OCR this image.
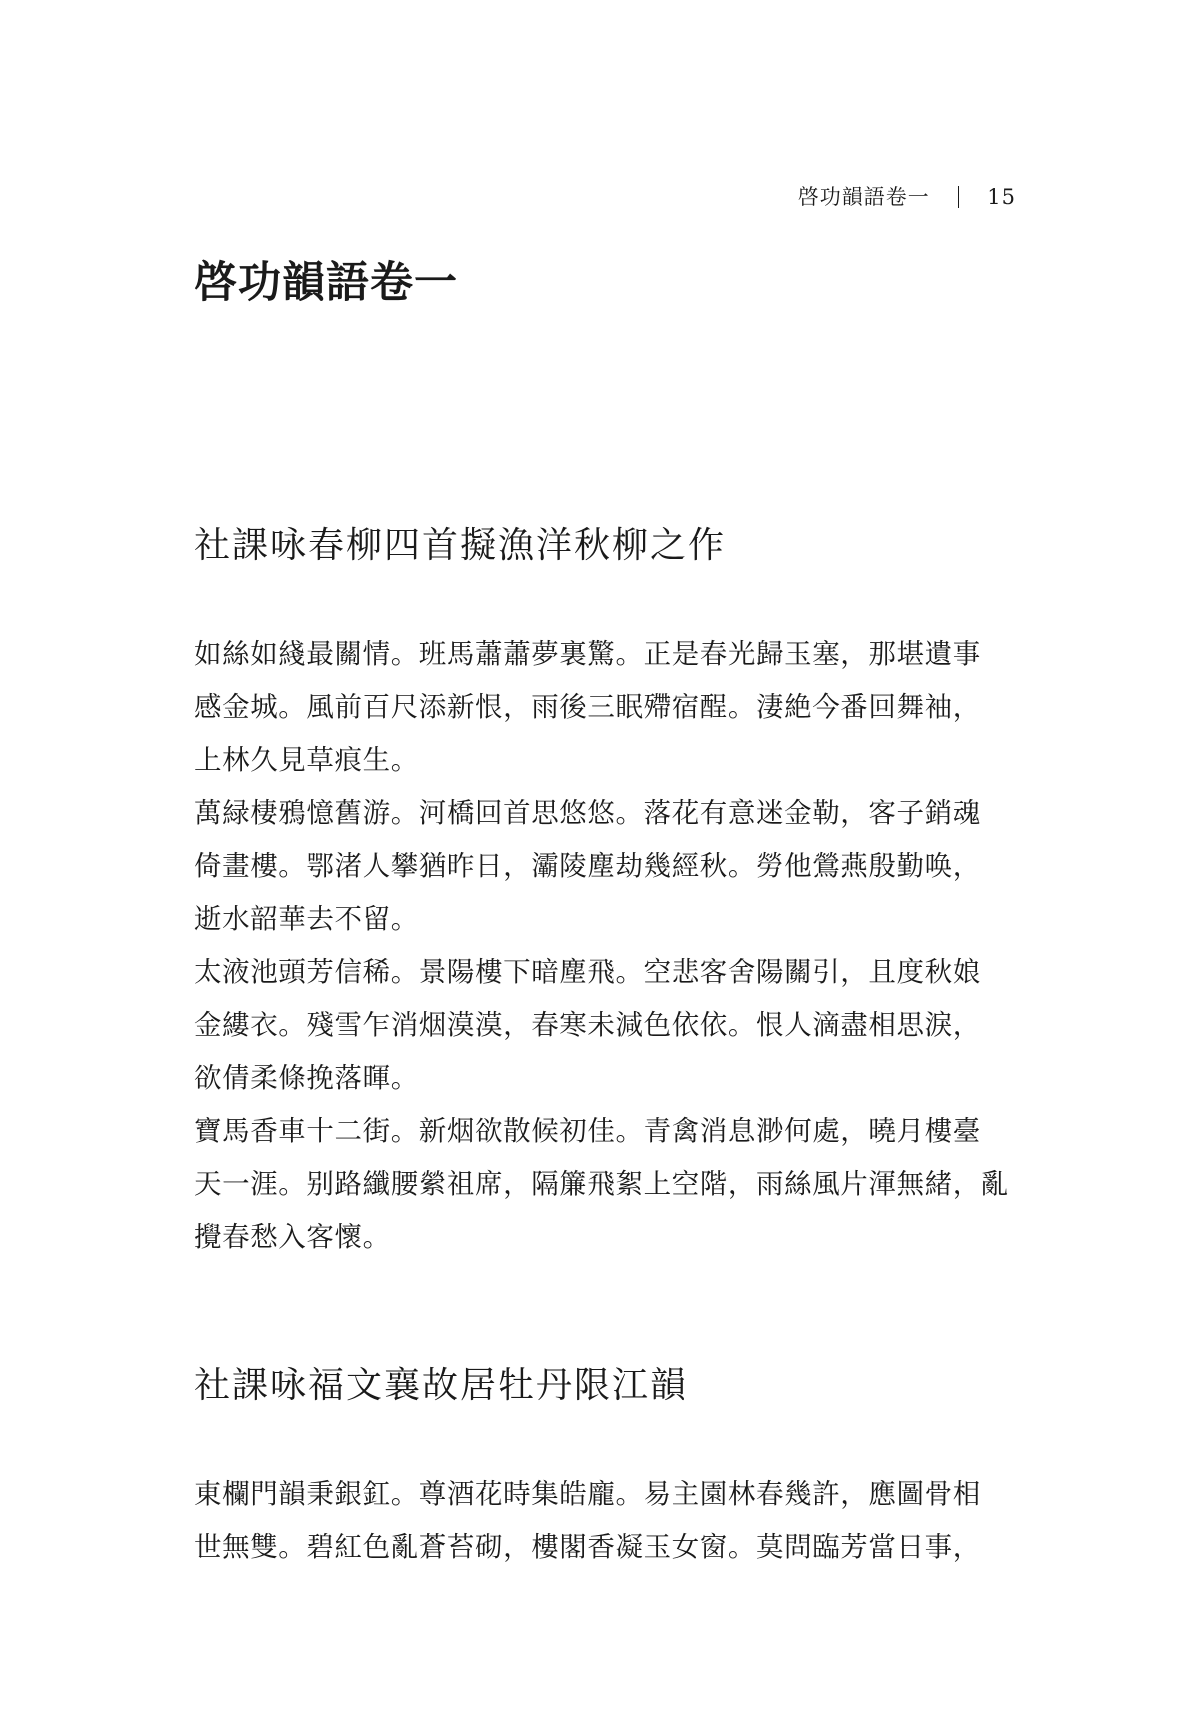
啓功韻語卷一	15
啓功韻語卷一
社課咏春柳四首擬漁洋秋柳之作
如絲如綫最關情。班馬蕭蕭夢裏驚。正是春光歸玉塞，那堪遺事
感金城。風前百尺添新恨，雨後三眠殢宿酲。淒絶今番回舞袖，
上林久見草痕生。
萬緑棲鴉憶舊游。河橋回首思悠悠。落花有意迷金勒，客子銷魂
倚畫樓。鄂渚人攀猶昨日，灞陵塵劫幾經秋。勞他鶯燕殷勤唤，
逝水韶華去不留。
太液池頭芳信稀。景陽樓下暗塵飛。空悲客舍陽關引，且度秋娘
金縷衣。殘雪乍消烟漠漠，春寒未減色依依。恨人滴盡相思淚，
欲倩柔條挽落暉。
寶馬香車十二街。新烟欲散候初佳。青禽消息渺何處，曉月樓臺
天一涯。别路纖腰縈祖席，隔簾飛絮上空階，雨絲風片渾無緒，亂
攪春愁入客懷。
社課咏福文襄故居牡丹限江韻
東欄門韻秉銀釭。尊酒花時集皓龐。易主園林春幾許，應圖骨相
世無雙。碧紅色亂蒼苔砌，樓閣香凝玉女窗。莫問臨芳當日事，
